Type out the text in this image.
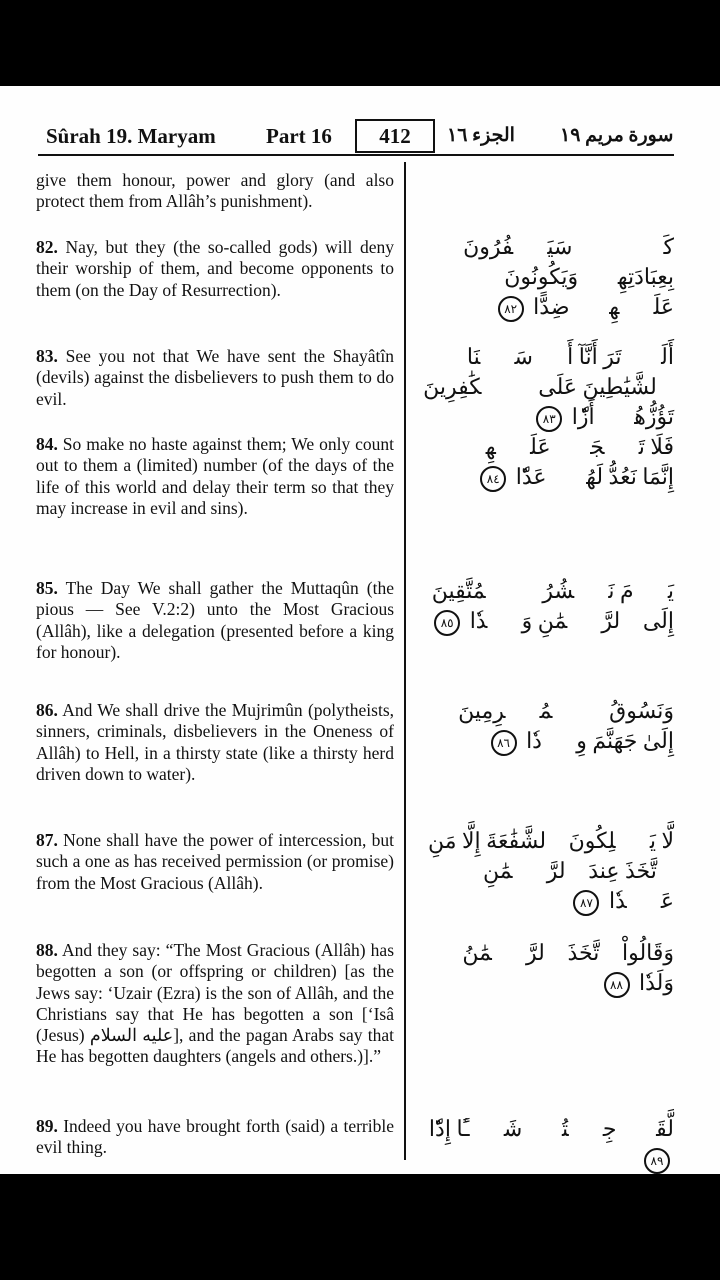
Sûrah 19. Maryam Part 16	412	الجزء ١٦ سورة مريم ١٩
give them honour, power and glory (and also protect them from Allâh’s punishment).
82. Nay, but they (the so-called gods) will deny their worship of them, and become opponents to them (on the Day of Resurrection).
كَلَّاۚ سَيَكۡفُرُونَ بِعِبَادَتِهِمۡ وَيَكُونُونَ عَلَيۡهِمۡ ضِدًّا ٨٢
83. See you not that We have sent the Shayâtîn (devils) against the disbelievers to push them to do evil.
أَلَمۡ تَرَ أَنَّآ أَرۡسَلۡنَا ٱلشَّيَٰطِينَ عَلَى ٱلۡكَٰفِرِينَ تَؤُزُّهُمۡ أَزّٗا ٨٣
84. So make no haste against them; We only count out to them a (limited) number (of the days of the life of this world and delay their term so that they may increase in evil and sins).
فَلَا تَعۡجَلۡ عَلَيۡهِمۡۖ إِنَّمَا نَعُدُّ لَهُمۡ عَدّٗا ٨٤
85. The Day We shall gather the Muttaqûn (the pious — See V.2:2) unto the Most Gracious (Allâh), like a delegation (presented before a king for honour).
يَوۡمَ نَحۡشُرُ ٱلۡمُتَّقِينَ إِلَى ٱلرَّحۡمَٰنِ وَفۡدٗا ٨٥
86. And We shall drive the Mujrimûn (polytheists, sinners, criminals, disbelievers in the Oneness of Allâh) to Hell, in a thirsty state (like a thirsty herd driven down to water).
وَنَسُوقُ ٱلۡمُجۡرِمِينَ إِلَىٰ جَهَنَّمَ وِرۡدٗا ٨٦
87. None shall have the power of intercession, but such a one as has received permission (or promise) from the Most Gracious (Allâh).
لَّا يَمۡلِكُونَ ٱلشَّفَٰعَةَ إِلَّا مَنِ ٱتَّخَذَ عِندَ ٱلرَّحۡمَٰنِ عَهۡدٗا ٨٧
88. And they say: “The Most Gracious (Allâh) has begotten a son (or offspring or children) [as the Jews say: ‘Uzair (Ezra) is the son of Allâh, and the Christians say that He has begotten a son [‘Isâ (Jesus) عليه السلام], and the pagan Arabs say that He has begotten daughters (angels and others.)].”
وَقَالُواْ ٱتَّخَذَ ٱلرَّحۡمَٰنُ وَلَدٗا ٨٨
89. Indeed you have brought forth (said) a terrible evil thing.
لَّقَدۡ جِئۡتُمۡ شَيۡـًٔا إِدّٗا ٨٩
